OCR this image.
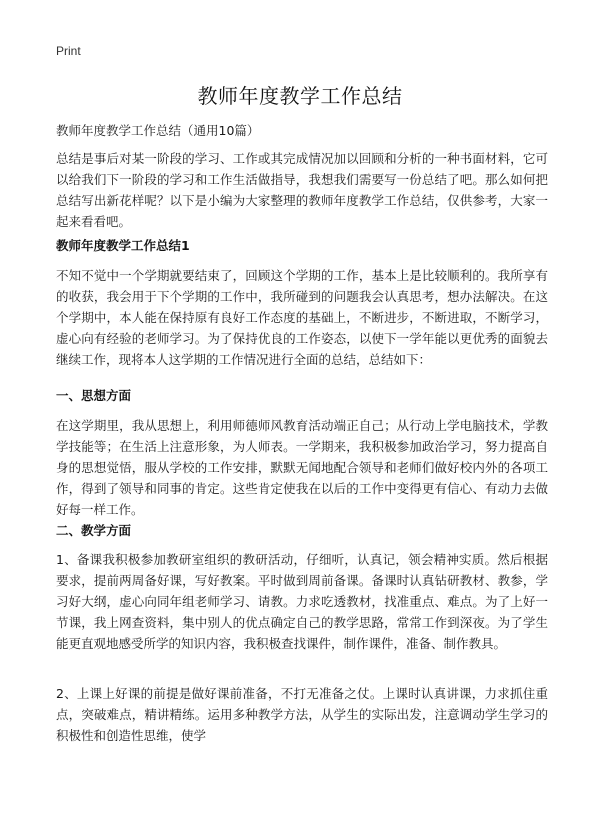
Print
教师年度教学工作总结
教师年度教学工作总结（通用10篇）

总结是事后对某一阶段的学习、工作或其完成情况加以回顾和分析的一种书面材料，它可以给我们下一阶段的学习和工作生活做指导，我想我们需要写一份总结了吧。那么如何把总结写出新花样呢？以下是小编为大家整理的教师年度教学工作总结，仅供参考，大家一起来看看吧。

教师年度教学工作总结1

不知不觉中一个学期就要结束了，回顾这个学期的工作，基本上是比较顺利的。我所享有的收获，我会用于下个学期的工作中，我所碰到的问题我会认真思考，想办法解决。在这个学期中，本人能在保持原有良好工作态度的基础上，不断进步，不断进取，不断学习，虚心向有经验的老师学习。为了保持优良的工作姿态，以使下一学年能以更优秀的面貌去继续工作，现将本人这学期的工作情况进行全面的总结，总结如下：

一、思想方面

在这学期里，我从思想上，利用师德师风教育活动端正自己；从行动上学电脑技术，学教学技能等；在生活上注意形象，为人师表。一学期来，我积极参加政治学习，努力提高自身的思想觉悟，服从学校的工作安排，默默无闻地配合领导和老师们做好校内外的各项工作，得到了领导和同事的肯定。这些肯定使我在以后的工作中变得更有信心、有动力去做好每一样工作。

二、教学方面

1、备课我积极参加教研室组织的教研活动，仔细听，认真记，领会精神实质。然后根据要求，提前两周备好课，写好教案。平时做到周前备课。备课时认真钻研教材、教参，学习好大纲，虚心向同年组老师学习、请教。力求吃透教材，找准重点、难点。为了上好一节课，我上网查资料，集中别人的优点确定自己的教学思路，常常工作到深夜。为了学生能更直观地感受所学的知识内容，我积极查找课件，制作课件，准备、制作教具。

2、上课上好课的前提是做好课前准备，不打无准备之仗。上课时认真讲课，力求抓住重点，突破难点，精讲精练。运用多种教学方法，从学生的实际出发，注意调动学生学习的 积极性和创造性思维，使学
